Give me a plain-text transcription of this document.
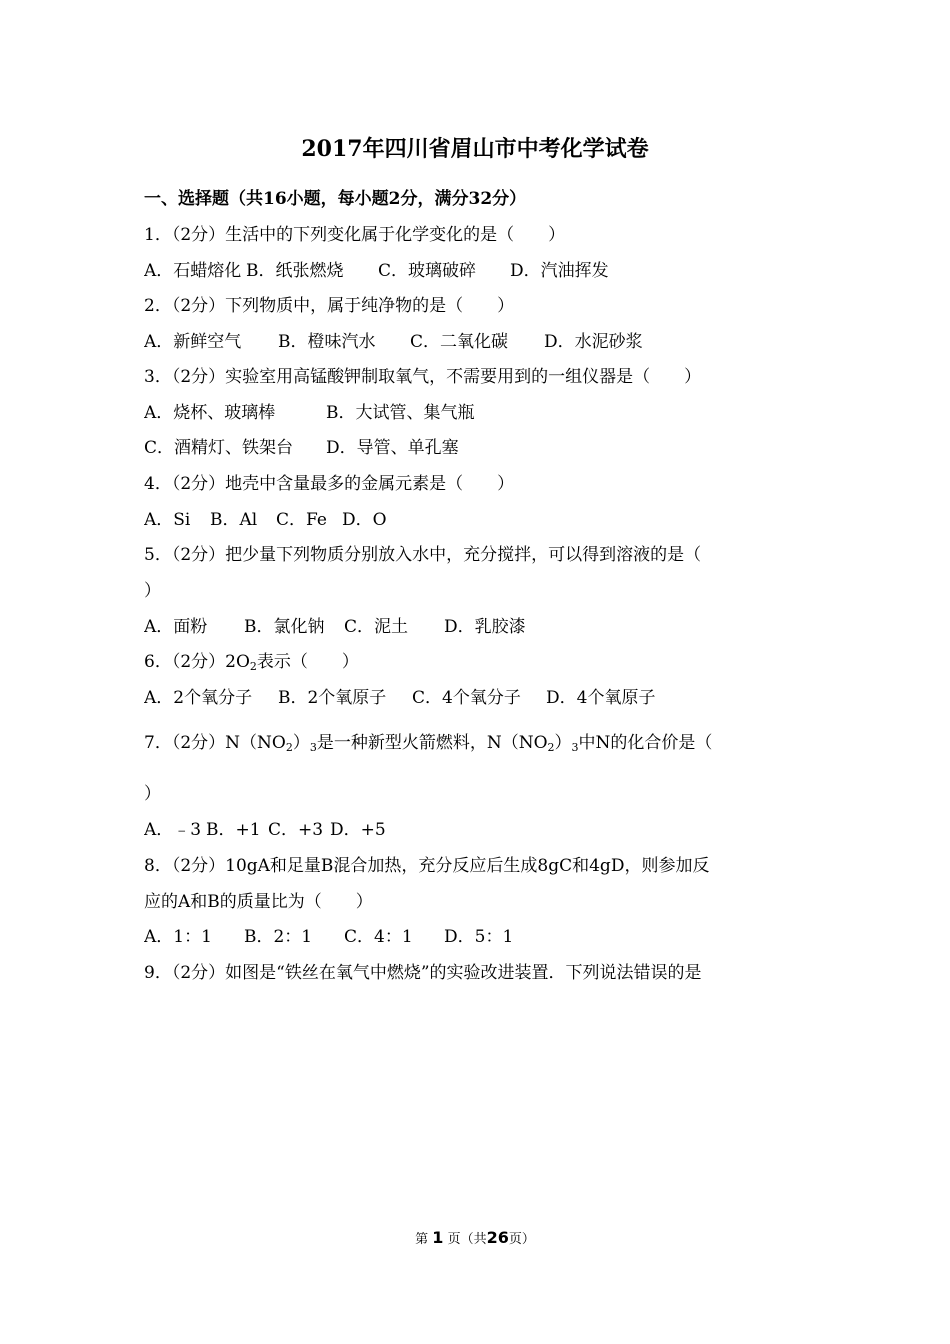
2017年四川省眉山市中考化学试卷
一、选择题（共16小题，每小题2分，满分32分）
1．（2分）生活中的下列变化属于化学变化的是（　　）
A．石蜡熔化 B．纸张燃烧 C．玻璃破碎 D．汽油挥发
2．（2分）下列物质中，属于纯净物的是（　　）
A．新鲜空气 B．橙味汽水 C．二氧化碳 D．水泥砂浆
3．（2分）实验室用高锰酸钾制取氧气，不需要用到的一组仪器是（　　）
A．烧杯、玻璃棒	B．大试管、集气瓶
C．酒精灯、铁架台 D．导管、单孔塞
4．（2分）地壳中含量最多的金属元素是（　　）
A．Si B．Al C．Fe D．O
5．（2分）把少量下列物质分别放入水中，充分搅拌，可以得到溶液的是（
）
A．面粉 B．氯化钠 C．泥土 D．乳胶漆
6．（2分）$2O_2$表示（　　）
A．2个氧分子 B．2个氧原子 C．4个氧分子 D．4个氧原子
7．（2分）$N(NO_2)_3$是一种新型火箭燃料，$N(NO_2)_3$中N的化合价是（
）
A．﹣3 B．+1 C．+3 D．+5
8．（2分）10gA和足量B混合加热，充分反应后生成8gC和4gD，则参加反
应的A和B的质量比为（　　）
A．1：1 B．2：1 C．4：1 D．5：1
9．（2分）如图是“铁丝在氧气中燃烧”的实验改进装置．下列说法错误的是
第 1 页（共26页）
